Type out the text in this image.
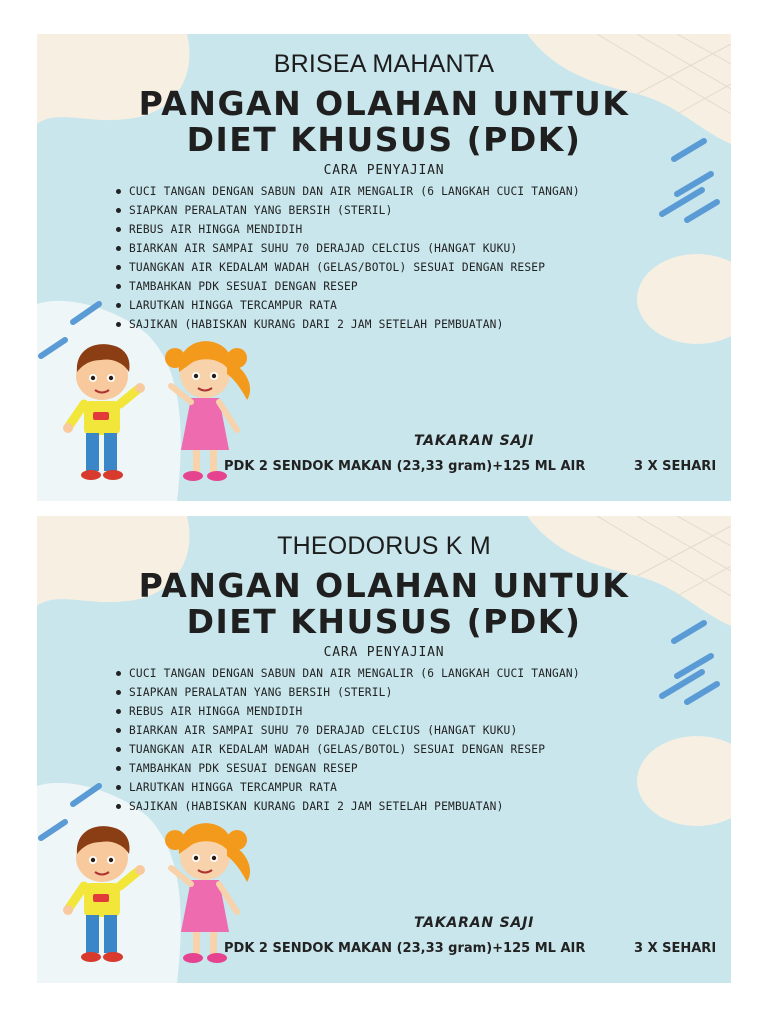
BRISEA MAHANTA
PANGAN OLAHAN UNTUK
DIET KHUSUS (PDK)
CARA PENYAJIAN
CUCI TANGAN DENGAN SABUN DAN AIR MENGALIR (6 LANGKAH CUCI TANGAN)
SIAPKAN PERALATAN YANG BERSIH (STERIL)
REBUS AIR HINGGA MENDIDIH
BIARKAN AIR SAMPAI SUHU 70 DERAJAD CELCIUS (HANGAT KUKU)
TUANGKAN AIR KEDALAM WADAH (GELAS/BOTOL) SESUAI DENGAN RESEP
TAMBAHKAN PDK SESUAI DENGAN RESEP
LARUTKAN HINGGA TERCAMPUR RATA
SAJIKAN (HABISKAN KURANG DARI 2 JAM SETELAH PEMBUATAN)
TAKARAN SAJI
PDK 2 SENDOK MAKAN (23,33 gram)+125 ML AIR	3 X SEHARI
THEODORUS K M
PANGAN OLAHAN UNTUK
DIET KHUSUS (PDK)
CARA PENYAJIAN
CUCI TANGAN DENGAN SABUN DAN AIR MENGALIR (6 LANGKAH CUCI TANGAN)
SIAPKAN PERALATAN YANG BERSIH (STERIL)
REBUS AIR HINGGA MENDIDIH
BIARKAN AIR SAMPAI SUHU 70 DERAJAD CELCIUS (HANGAT KUKU)
TUANGKAN AIR KEDALAM WADAH (GELAS/BOTOL) SESUAI DENGAN RESEP
TAMBAHKAN PDK SESUAI DENGAN RESEP
LARUTKAN HINGGA TERCAMPUR RATA
SAJIKAN (HABISKAN KURANG DARI 2 JAM SETELAH PEMBUATAN)
TAKARAN SAJI
PDK 2 SENDOK MAKAN (23,33 gram)+125 ML AIR	3 X SEHARI
